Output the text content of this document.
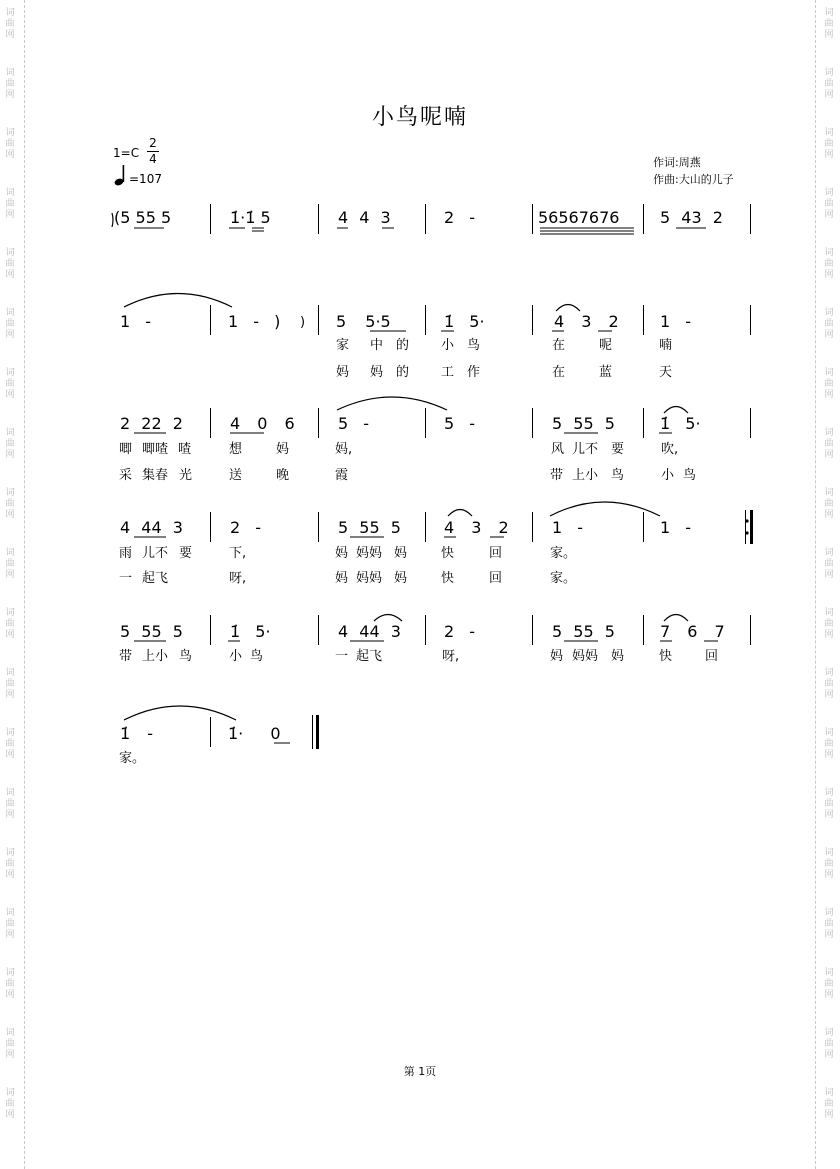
词
曲
网
词
曲
网
词
曲
网
词
曲
网
词
曲
网
词
曲
网
词
曲
网
词
曲
网
词
曲
网
词
曲
网
词
曲
网
词
曲
网
词
曲
网
词
曲
网
词
曲
网
词
曲
网
词
曲
网
词
曲
网
词
曲
网
词
曲
网
词
曲
网
词
曲
网
词
曲
网
词
曲
网
词
曲
网
词
曲
网
词
曲
网
词
曲
网
词
曲
网
词
曲
网
词
曲
网
词
曲
网
词
曲
网
词
曲
网
词
曲
网
词
曲
网
词
曲
网
词
曲
网
小鸟呢喃
1=C
2
4
=107
作词:周燕
作曲:大山的儿子
(5 55 5	1̇·1̇ 5	4 4 3	2 -	56567676	5 43 2
1 -	1 - )	5 5·5	1̇ 5·	4 3 2	1 -
家 中 的 小 鸟	在	呢	喃
妈 妈 的 工 作	在	蓝	天
2 22 2	4 0 6	5 -	5 -	5 55 5	1̇ 5·
唧 唧喳 喳	想	妈	妈,	风 儿不 要	吹,
采 集春 光	送	晚	霞	带 上小 鸟	小 鸟
4 44 3	2 -	5 55 5	4 3 2	1 -	1 -
雨 儿不 要	下,	妈 妈妈 妈	快	回	家。
一 起飞	呀,	妈 妈妈 妈	快	回	家。
5 55 5	1̇ 5·	4 44 3	2 -	5 55 5	7 6 7
带 上小 鸟	小 鸟	一 起飞	呀,	妈 妈妈 妈	快	回
1̇ -	1̇· 0
家。
)
第 1页
